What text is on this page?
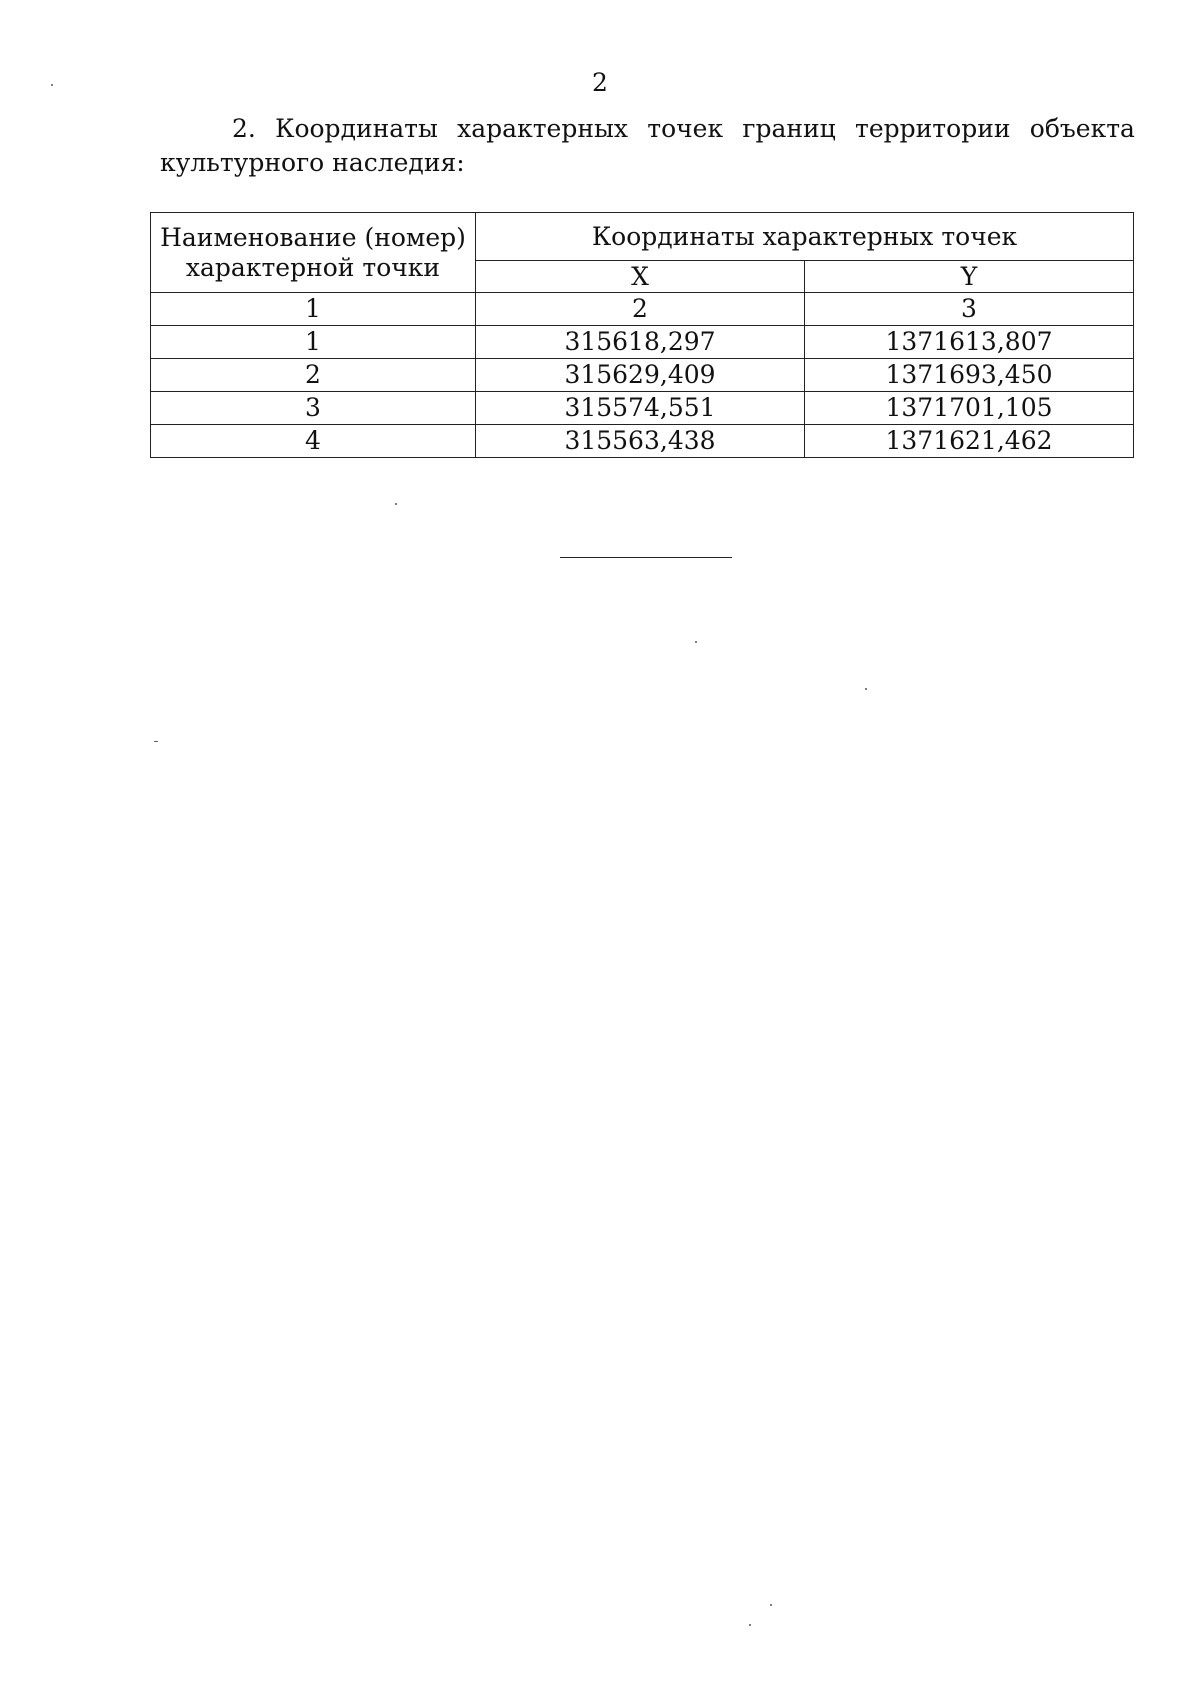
2
2. Координаты характерных точек границ территории объекта
культурного наследия:
Наименование (номер) характерной точки	Координаты характерных точек	
	X	Y
1	2	3
1	315618,297	1371613,807
2	315629,409	1371693,450
3	315574,551	1371701,105
4	315563,438	1371621,462
